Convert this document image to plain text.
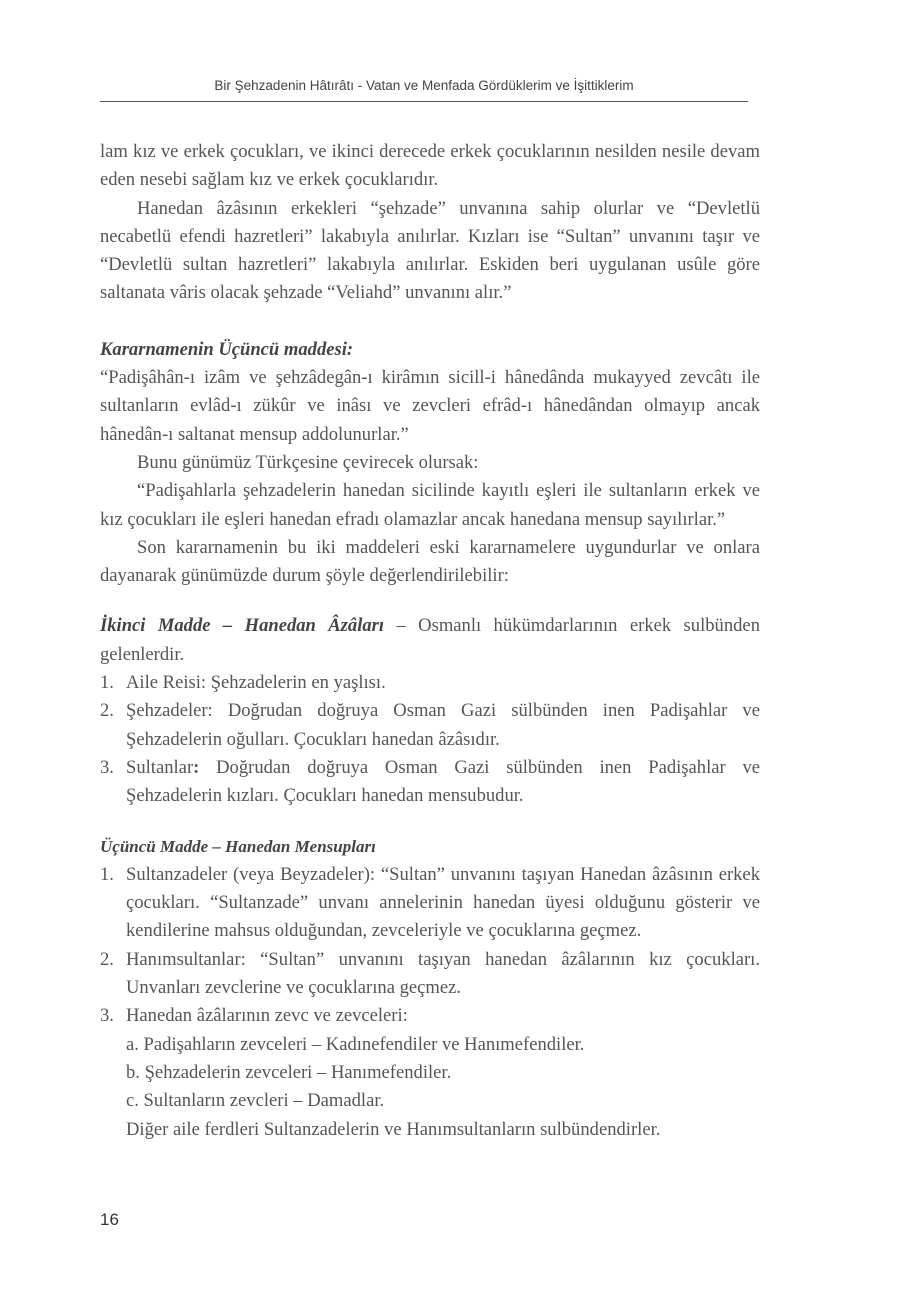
Bir Şehzadenin Hâtırâtı - Vatan ve Menfada Gördüklerim ve İşittiklerim

lam kız ve erkek çocukları, ve ikinci derecede erkek çocuklarının nesilden nesile devam eden nesebi sağlam kız ve erkek çocuklarıdır.

Hanedan âzâsının erkekleri “şehzade” unvanına sahip olurlar ve “Devletlü necabetlü efendi hazretleri” lakabıyla anılırlar. Kızları ise “Sultan” unvanını taşır ve “Devletlü sultan hazretleri” lakabıyla anılırlar. Eskiden beri uygulanan usûle göre saltanata vâris olacak şehzade “Veliahd” unvanını alır.”

Kararnamenin Üçüncü maddesi:

“Padişâhân-ı izâm ve şehzâdegân-ı kirâmın sicill-i hânedânda mukayyed zevcâtı ile sultanların evlâd-ı zükûr ve inâsı ve zevcleri efrâd-ı hânedândan olmayıp ancak hânedân-ı saltanat mensup addolunurlar.”

Bunu günümüz Türkçesine çevirecek olursak:

“Padişahlarla şehzadelerin hanedan sicilinde kayıtlı eşleri ile sultanların erkek ve kız çocukları ile eşleri hanedan efradı olamazlar ancak hanedana mensup sayılırlar.”

Son kararnamenin bu iki maddeleri eski kararnamelere uygundurlar ve onlara dayanarak günümüzde durum şöyle değerlendirilebilir:

İkinci Madde – Hanedan Âzâları – Osmanlı hükümdarlarının erkek sulbünden gelenlerdir.

1. Aile Reisi: Şehzadelerin en yaşlısı.
2. Şehzadeler: Doğrudan doğruya Osman Gazi sülbünden inen Padişahlar ve Şehzadelerin oğulları. Çocukları hanedan âzâsıdır.
3. Sultanlar: Doğrudan doğruya Osman Gazi sülbünden inen Padişahlar ve Şehzadelerin kızları. Çocukları hanedan mensubudur.

Üçüncü Madde – Hanedan Mensupları

1. Sultanzadeler (veya Beyzadeler): “Sultan” unvanını taşıyan Hanedan âzâsının erkek çocukları. “Sultanzade” unvanı annelerinin hanedan üyesi olduğunu gösterir ve kendilerine mahsus olduğundan, zevceleriyle ve çocuklarına geçmez.
2. Hanımsultanlar: “Sultan” unvanını taşıyan hanedan âzâlarının kız çocukları. Unvanları zevclerine ve çocuklarına geçmez.
3. Hanedan âzâlarının zevc ve zevceleri:

a. Padişahların zevceleri – Kadınefendiler ve Hanımefendiler.

b. Şehzadelerin zevceleri – Hanımefendiler.

c. Sultanların zevcleri – Damadlar.

Diğer aile ferdleri Sultanzadelerin ve Hanımsultanların sulbündendirler.

16
